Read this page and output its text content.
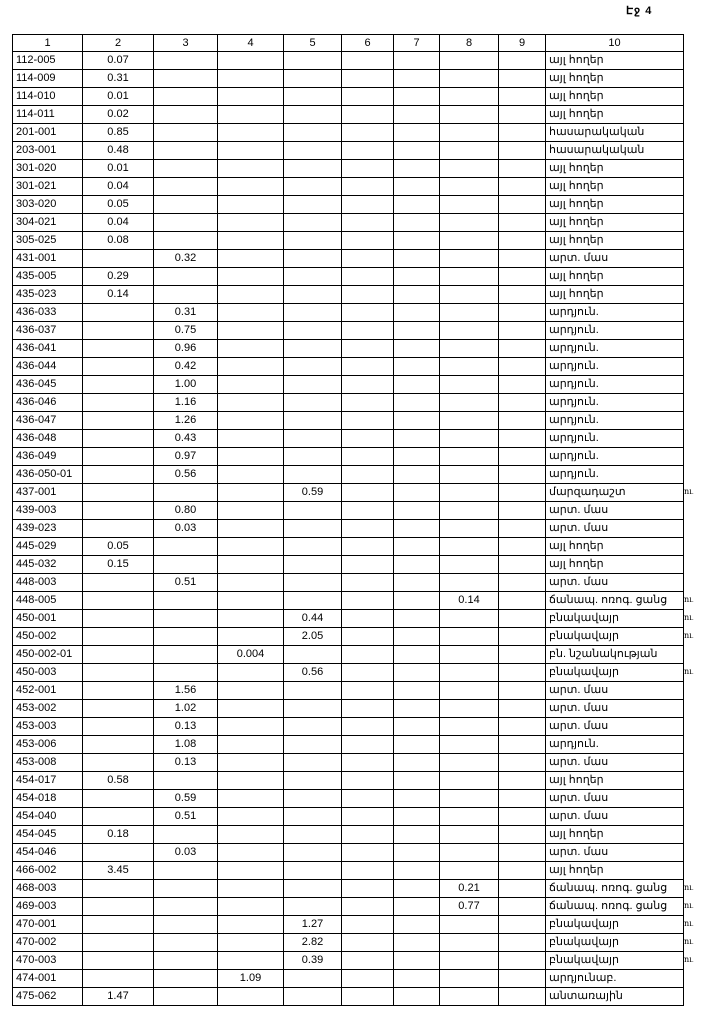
Էջ 4
1	2	3	4	5	6	7	8	9	10
112-005	0.07								այլ հողեր
114-009	0.31								այլ հողեր
114-010	0.01								այլ հողեր
114-011	0.02								այլ հողեր
201-001	0.85								հասարակական
203-001	0.48								հասարակական
301-020	0.01								այլ հողեր
301-021	0.04								այլ հողեր
303-020	0.05								այլ հողեր
304-021	0.04								այլ հողեր
305-025	0.08								այլ հողեր
431-001		0.32							արտ. մաս
435-005	0.29								այլ հողեր
435-023	0.14								այլ հողեր
436-033		0.31							արդյուն.
436-037		0.75							արդյուն.
436-041		0.96							արդյուն.
436-044		0.42							արդյուն.
436-045		1.00							արդյուն.
436-046		1.16							արդյուն.
436-047		1.26							արդյուն.
436-048		0.43							արդյուն.
436-049		0.97							արդյուն.
436-050-01		0.56							արդյուն.
437-001				0.59					մարզադաշտ
439-003		0.80							արտ. մաս
439-023		0.03							արտ. մաս
445-029	0.05								այլ հողեր
445-032	0.15								այլ հողեր
448-003		0.51							արտ. մաս
448-005							0.14		ճանապ. ոռոգ. ցանց
450-001				0.44					բնակավայր
450-002				2.05					բնակավայր
450-002-01			0.004						բն. նշանակության
450-003				0.56					բնակավայր
452-001		1.56							արտ. մաս
453-002		1.02							արտ. մաս
453-003		0.13							արտ. մաս
453-006		1.08							արդյուն.
453-008		0.13							արտ. մաս
454-017	0.58								այլ հողեր
454-018		0.59							արտ. մաս
454-040		0.51							արտ. մաս
454-045	0.18								այլ հողեր
454-046		0.03							արտ. մաս
466-002	3.45								այլ հողեր
468-003							0.21		ճանապ. ոռոգ. ցանց
469-003							0.77		ճանապ. ոռոգ. ցանց
470-001				1.27					բնակավայր
470-002				2.82					բնակավայր
470-003				0.39					բնակավայր
474-001			1.09						արդյունաբ.
475-062	1.47								անտառային
ու
ու
ու
ու
ու
ու
ու
ու
ու
ու
